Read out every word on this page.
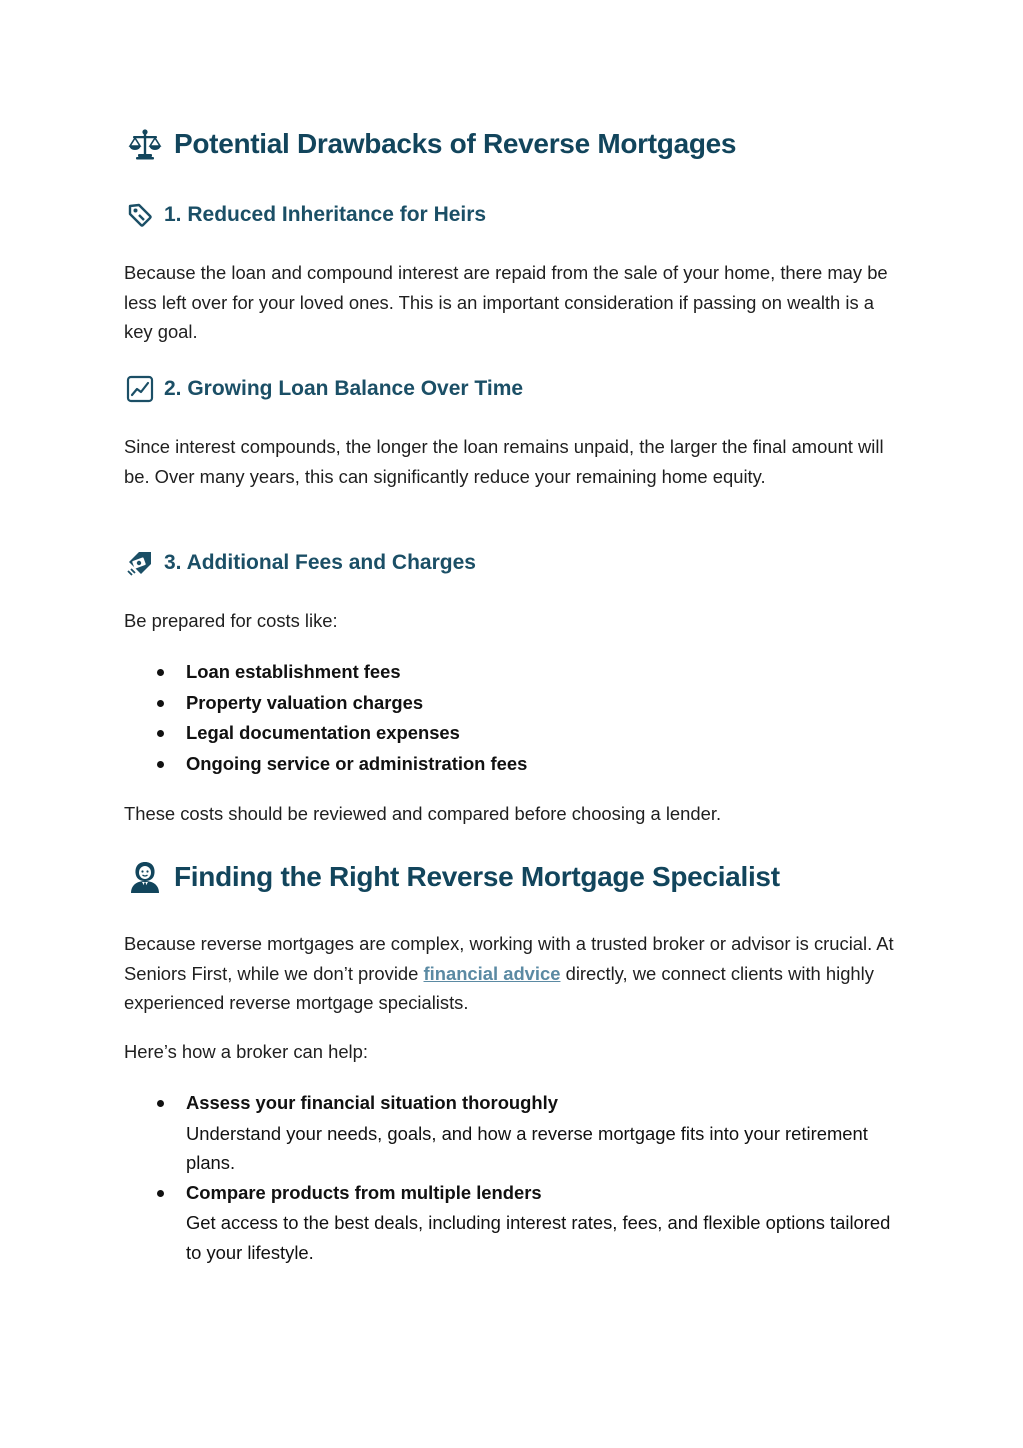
Potential Drawbacks of Reverse Mortgages
1. Reduced Inheritance for Heirs
Because the loan and compound interest are repaid from the sale of your home, there may be less left over for your loved ones. This is an important consideration if passing on wealth is a key goal.
2. Growing Loan Balance Over Time
Since interest compounds, the longer the loan remains unpaid, the larger the final amount will be. Over many years, this can significantly reduce your remaining home equity.
3. Additional Fees and Charges
Be prepared for costs like:
Loan establishment fees
Property valuation charges
Legal documentation expenses
Ongoing service or administration fees
These costs should be reviewed and compared before choosing a lender.
Finding the Right Reverse Mortgage Specialist
Because reverse mortgages are complex, working with a trusted broker or advisor is crucial. At Seniors First, while we don’t provide financial advice directly, we connect clients with highly experienced reverse mortgage specialists.
Here’s how a broker can help:
Assess your financial situation thoroughly
Understand your needs, goals, and how a reverse mortgage fits into your retirement plans.
Compare products from multiple lenders
Get access to the best deals, including interest rates, fees, and flexible options tailored to your lifestyle.
